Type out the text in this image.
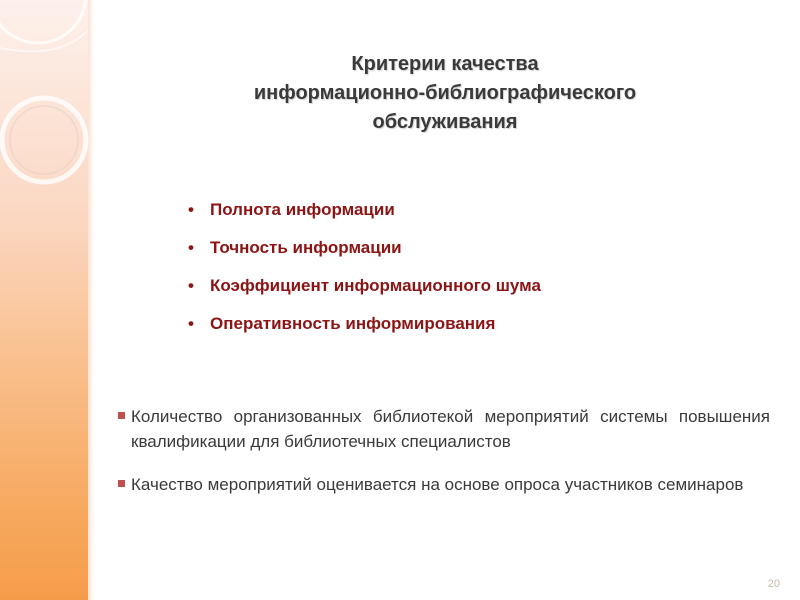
Критерии качества
информационно-библиографического
обслуживания
• Полнота информации
• Точность информации
• Коэффициент информационного шума
• Оперативность информирования
Количество организованных библиотекой мероприятий системы повышения квалификации для библиотечных специалистов
Качество мероприятий оценивается на основе опроса участников семинаров
20
